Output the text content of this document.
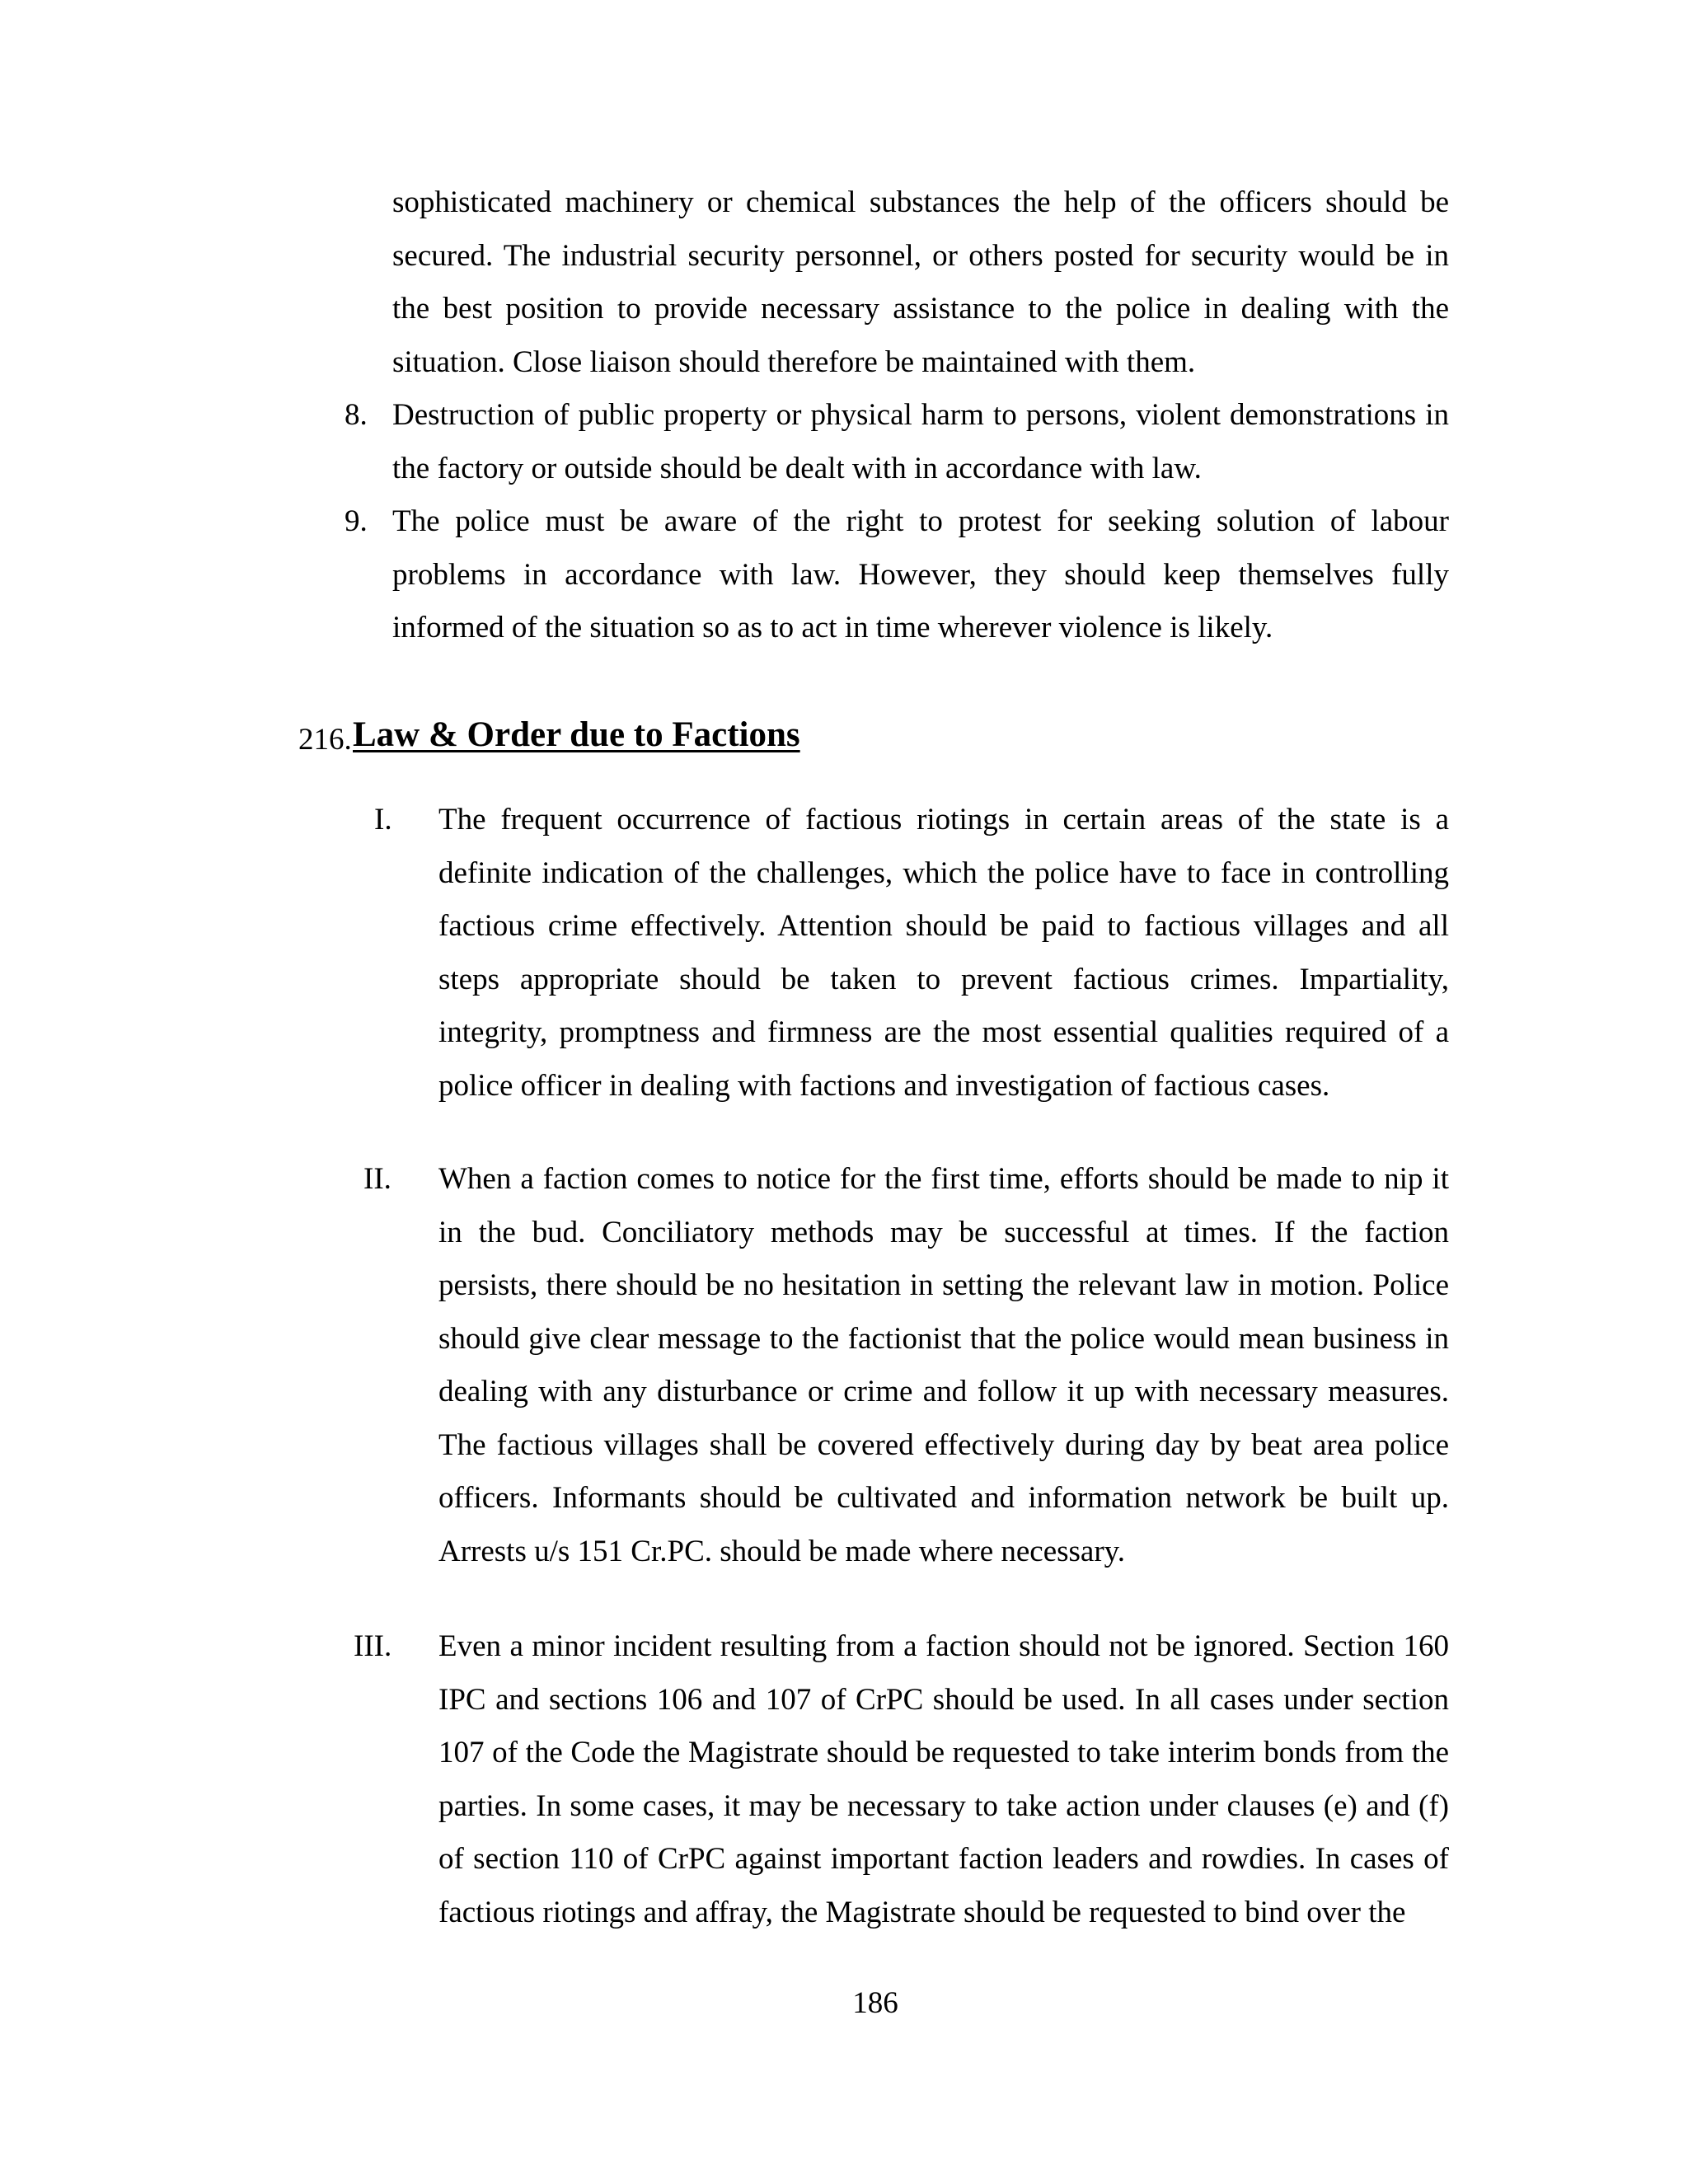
sophisticated machinery or chemical substances the help of the officers should be secured. The industrial security personnel, or others posted for security would be in the best position to provide necessary assistance to the police in dealing with the situation. Close liaison should therefore be maintained with them.

8. Destruction of public property or physical harm to persons, violent demonstrations in the factory or outside should be dealt with in accordance with law.

9. The police must be aware of the right to protest for seeking solution of labour problems in accordance with law. However, they should keep themselves fully informed of the situation so as to act in time wherever violence is likely.

216. Law & Order due to Factions
I. The frequent occurrence of factious riotings in certain areas of the state is a definite indication of the challenges, which the police have to face in controlling factious crime effectively. Attention should be paid to factious villages and all steps appropriate should be taken to prevent factious crimes. Impartiality, integrity, promptness and firmness are the most essential qualities required of a police officer in dealing with factions and investigation of factious cases.

II. When a faction comes to notice for the first time, efforts should be made to nip it in the bud. Conciliatory methods may be successful at times. If the faction persists, there should be no hesitation in setting the relevant law in motion. Police should give clear message to the factionist that the police would mean business in dealing with any disturbance or crime and follow it up with necessary measures. The factious villages shall be covered effectively during day by beat area police officers. Informants should be cultivated and information network be built up. Arrests u/s 151 Cr.PC. should be made where necessary.

III. Even a minor incident resulting from a faction should not be ignored. Section 160 IPC and sections 106 and 107 of CrPC should be used. In all cases under section 107 of the Code the Magistrate should be requested to take interim bonds from the parties. In some cases, it may be necessary to take action under clauses (e) and (f) of section 110 of CrPC against important faction leaders and rowdies. In cases of factious riotings and affray, the Magistrate should be requested to bind over the

186
